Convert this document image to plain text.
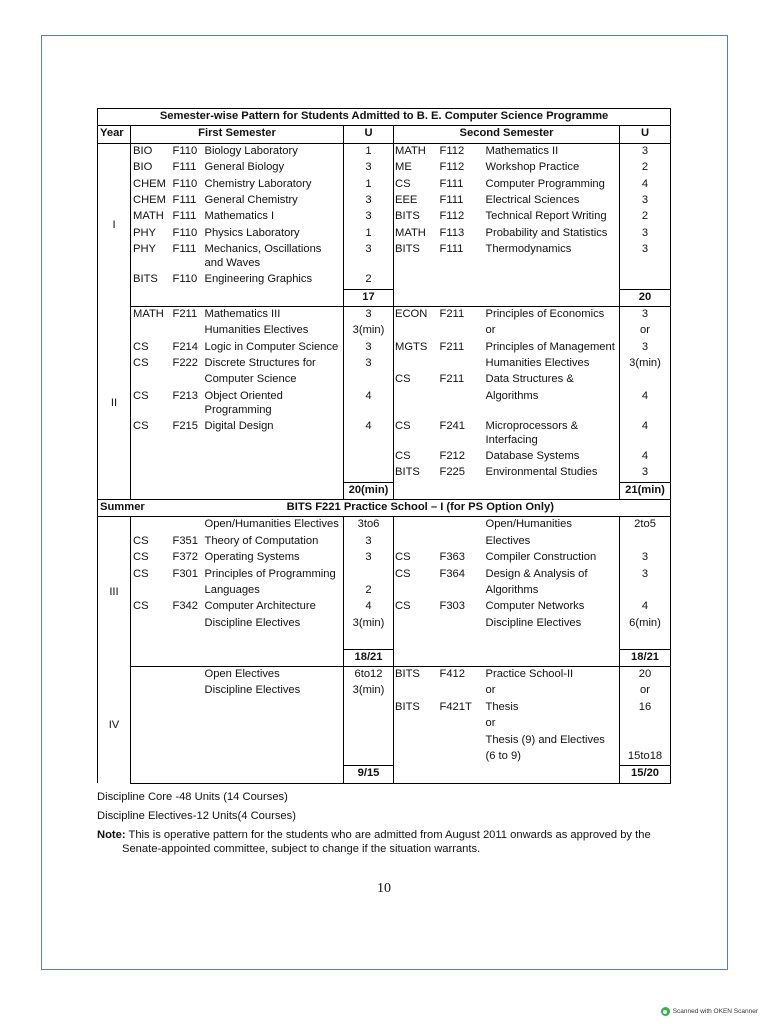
Semester-wise Pattern for Students Admitted to B. E. Computer Science Programme								
Year	First Semester			U	Second Semester			U
I	BIO	F110	Biology Laboratory	1	MATH	F112	Mathematics II	3
	BIO	F111	General Biology	3	ME	F112	Workshop Practice	2
	CHEM	F110	Chemistry Laboratory	1	CS	F111	Computer Programming	4
	CHEM	F111	General Chemistry	3	EEE	F111	Electrical Sciences	3
	MATH	F111	Mathematics I	3	BITS	F112	Technical Report Writing	2
	PHY	F110	Physics Laboratory	1	MATH	F113	Probability and Statistics	3
	PHY	F111	Mechanics, Oscillations and Waves	3	BITS	F111	Thermodynamics	3
	BITS	F110	Engineering Graphics	2				
				17				20
II	MATH	F211	Mathematics III	3	ECON	F211	Principles of Economics	3
			Humanities Electives	3(min)			or	or
	CS	F214	Logic in Computer Science	3	MGTS	F211	Principles of Management	3
	CS	F222	Discrete Structures for	3			Humanities Electives	3(min)
			Computer Science		CS	F211	Data Structures &	
	CS	F213	Object Oriented Programming	4			Algorithms	4
	CS	F215	Digital Design	4	CS	F241	Microprocessors & Interfacing	4
					CS	F212	Database Systems	4
					BITS	F225	Environmental Studies	3
				20(min)				21(min)
Summer		BITS F221 Practice School – I (for PS Option Only)						
III			Open/Humanities Electives	3to6			Open/Humanities	2to5
	CS	F351	Theory of Computation	3			Electives	
	CS	F372	Operating Systems	3	CS	F363	Compiler Construction	3
	CS	F301	Principles of Programming		CS	F364	Design & Analysis of	3
			Languages	2			Algorithms	
	CS	F342	Computer Architecture	4	CS	F303	Computer Networks	4
			Discipline Electives	3(min)			Discipline Electives	6(min)

				18/21				18/21
IV			Open Electives	6to12	BITS	F412	Practice School-II	20
			Discipline Electives	3(min)			or	or
					BITS	F421T	Thesis	16
							or	
							Thesis (9) and Electives	
							(6 to 9)	15to18
				9/15				15/20
Discipline Core -48 Units (14 Courses)
Discipline Electives-12 Units(4 Courses)
Note: This is operative pattern for the students who are admitted from August 2011 onwards as approved by the
Senate-appointed committee, subject to change if the situation warrants.
10
Scanned with OKEN Scanner
